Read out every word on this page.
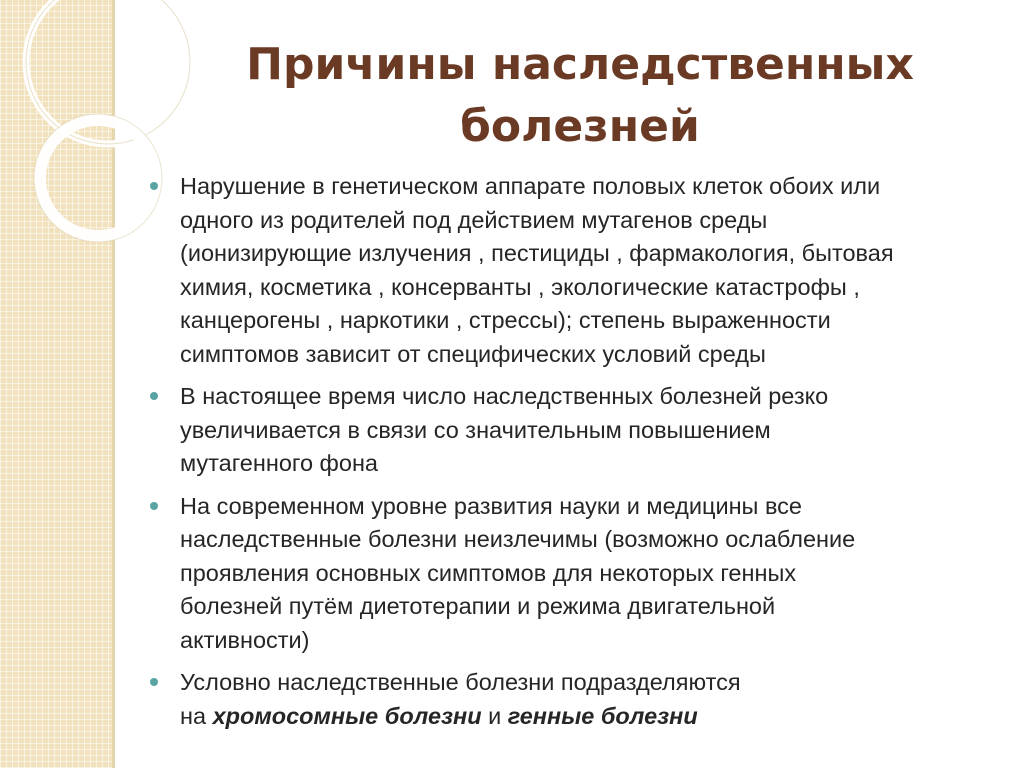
Причины наследственных
болезней
Нарушение в генетическом аппарате половых клеток обоих или
одного из родителей под действием мутагенов среды
(ионизирующие излучения , пестициды , фармакология, бытовая
химия, косметика , консерванты , экологические катастрофы ,
канцерогены , наркотики , стрессы); степень выраженности
симптомов зависит от специфических условий среды
В настоящее время число наследственных болезней резко
увеличивается в связи со значительным повышением
мутагенного фона
На современном уровне развития науки и медицины все
наследственные болезни неизлечимы (возможно ослабление
проявления основных симптомов для некоторых генных
болезней путём диетотерапии и режима двигательной
активности)
Условно наследственные болезни подразделяются
на хромосомные болезни и генные болезни
